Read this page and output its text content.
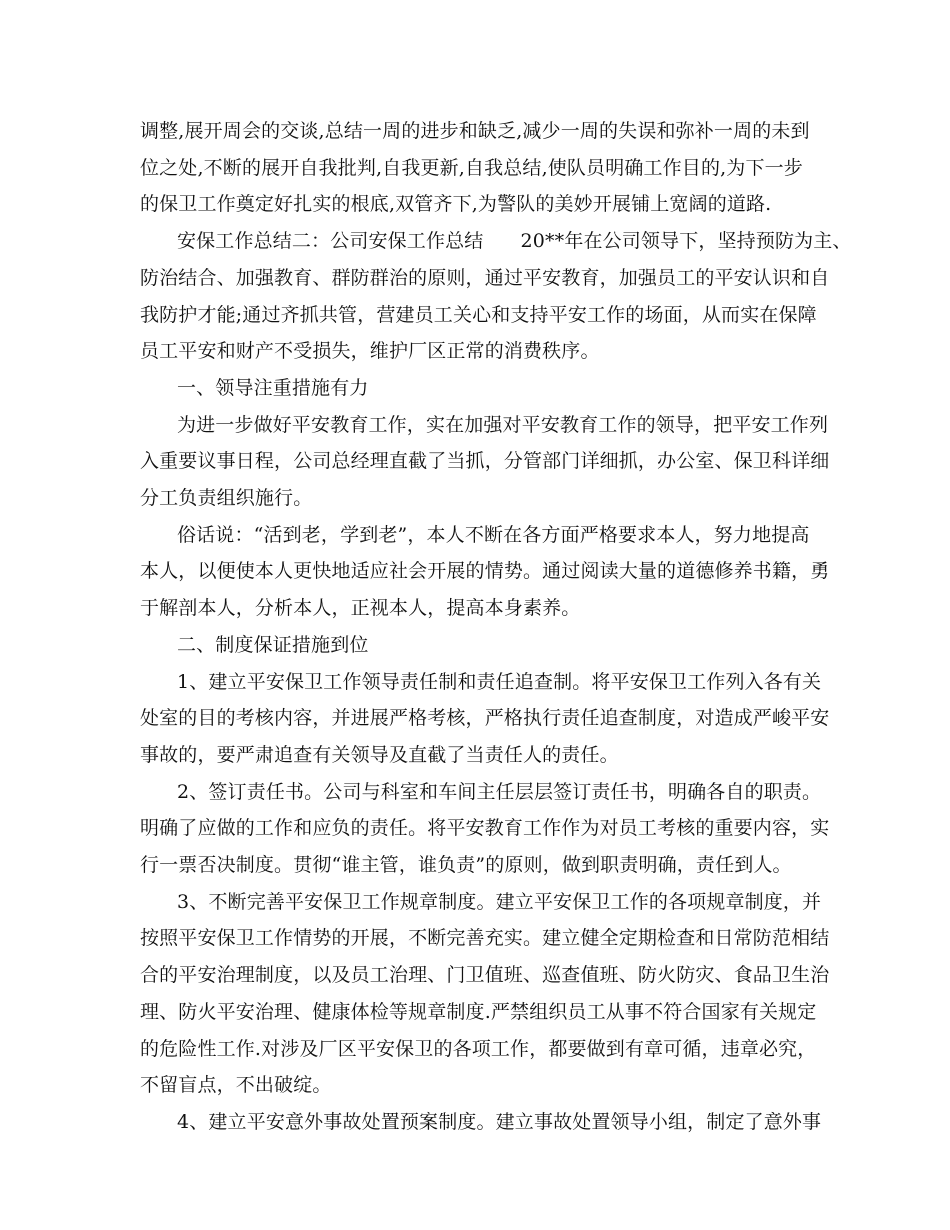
调整,展开周会的交谈,总结一周的进步和缺乏,减少一周的失误和弥补一周的未到
位之处,不断的展开自我批判,自我更新,自我总结,使队员明确工作目的,为下一步
的保卫工作奠定好扎实的根底,双管齐下,为警队的美妙开展铺上宽阔的道路.
安保工作总结二：公司安保工作总结      20**年在公司领导下，坚持预防为主、
防治结合、加强教育、群防群治的原则，通过平安教育，加强员工的平安认识和自
我防护才能;通过齐抓共管，营建员工关心和支持平安工作的场面，从而实在保障
员工平安和财产不受损失，维护厂区正常的消费秩序。
一、领导注重措施有力
为进一步做好平安教育工作，实在加强对平安教育工作的领导，把平安工作列
入重要议事日程，公司总经理直截了当抓，分管部门详细抓，办公室、保卫科详细
分工负责组织施行。
俗话说：“活到老，学到老”，本人不断在各方面严格要求本人，努力地提高
本人，以便使本人更快地适应社会开展的情势。通过阅读大量的道德修养书籍，勇
于解剖本人，分析本人，正视本人，提高本身素养。
二、制度保证措施到位
1、建立平安保卫工作领导责任制和责任追查制。将平安保卫工作列入各有关
处室的目的考核内容，并进展严格考核，严格执行责任追查制度，对造成严峻平安
事故的，要严肃追查有关领导及直截了当责任人的责任。
2、签订责任书。公司与科室和车间主任层层签订责任书，明确各自的职责。
明确了应做的工作和应负的责任。将平安教育工作作为对员工考核的重要内容，实
行一票否决制度。贯彻“谁主管，谁负责”的原则，做到职责明确，责任到人。
3、不断完善平安保卫工作规章制度。建立平安保卫工作的各项规章制度，并
按照平安保卫工作情势的开展，不断完善充实。建立健全定期检查和日常防范相结
合的平安治理制度，以及员工治理、门卫值班、巡查值班、防火防灾、食品卫生治
理、防火平安治理、健康体检等规章制度.严禁组织员工从事不符合国家有关规定
的危险性工作.对涉及厂区平安保卫的各项工作，都要做到有章可循，违章必究，
不留盲点，不出破绽。
4、建立平安意外事故处置预案制度。建立事故处置领导小组，制定了意外事
